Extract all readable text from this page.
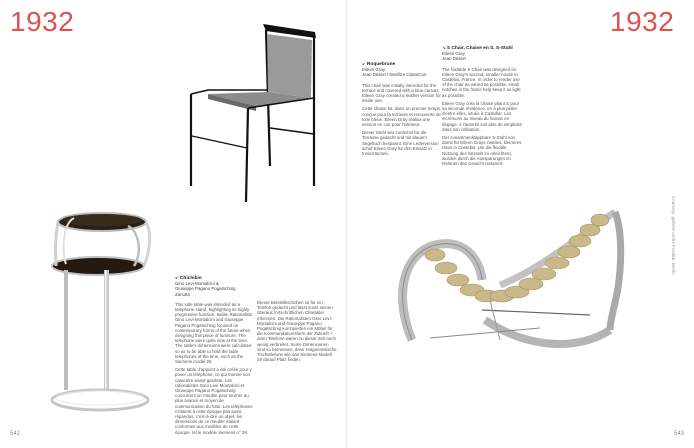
1932	1932
↙ Roquebrune
Eileen Gray
Jean Désert / Neuflize ClassiCon

This chair was initially intended for the terrace and covered with a blue canvas. Eileen Gray created a leather version for inside use.

Cette chaise fut, dans un premier temps, conçue pour la terrasse et recouverte de toile bleue. Eileen Gray réalisa une version en cuir pour l'intérieur.

Dieser Stuhl war zunächst für die Terrasse gedacht und mit blauem Segeltuch bespannt. Eine Lederversion schuf Eileen Gray für den Einsatz in Innenräumen.

↘ S Chair, Chaise en S, S-Stuhl
Eileen Gray
Jean Désert

The foldable S Chair was designed for Eileen Gray's second, smaller house in Castellar, France. In order to render use of the chair as varied as possible, small notches in the frame help keep it as light as possible.

Eileen Gray créa la chaise pliant S pour sa seconde résidence, en à plus petite d'entre elles, située à Castellar. Les incrémons au niveau du hamac en dégagé, a l'autorité soit plus de simplicité dans son utilisation.

Der zusammenklappbare S-Stuhl von damit für Eileen Grays zweites, kleineres Haus in Castellar. Um die flexible Nutzung des Sessels zu erleichtern, wurden durch die Aussparungen im Rahmen das Gewicht reduziert.

↙ Chichibio
Gino Levi-Montalcini &
Giuseppe Pagano Pogatschnig
Zanotta

This side table was intended as a telephone stand, highlighting its highly progressive function. Italian Rationalists Gino Levi-Montalcini and Giuseppe Pagano Pogatschnig focused on contemporary forms of the future when designing this piece of furniture. The telephone were quite new at the time. The table's dimensions were calculated so as to be able to hold the table telephones of the time, such as the Siemens model 28.

Cette table d'appoint a été créée pour y poser un téléphone, ce qui montre son caractère avant-gardiste. Les rationalistes Gino Levi-Montalcini et Giuseppe Pagano Pogatschnig concurrent un meuble pour tourner au plus avancé et moyen de communication du futur. Les téléphones n'étaient à cette époque pas aussi répandus, c'est-à-dire un objet, les dimensions de ce meuble étaient conformes aux modèles de cette époque, tel le modèle Siemens n° 28.

Dieser Beistelltischchen ist für ein Telefon gedacht und lässt somit seinen überaus fortschrittlichen Charakter erkennen. Die Rationalisten Gino Levi-Montalcini und Giuseppe Pagano Pogatschnig konzipierten ein Möbel für die Kommunikationsform der Zukunft – denn Telefone waren zu dieser Zeit noch wenig verbreitet. Seine Dimensionen sind so bemessen, dass zeitgenössische Tischtelefone wie das Siemens-Modell 28 darauf Platz finden.

542	543
Courtesy: gallerie andré Fosdick, Berlin
